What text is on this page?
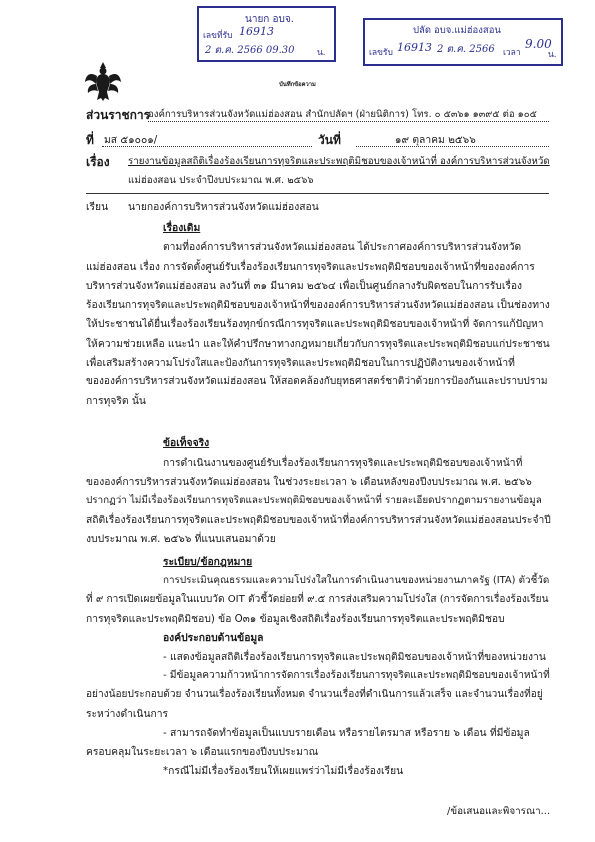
นายก อบจ.
เลขที่รับ 16913
2 ต.ค. 2566 09.30	น.
ปลัด อบจ.แม่ฮ่องสอน
เลขรับ 16913 2 ต.ค. 2566 เวลา
9.00
น.
บันทึกข้อความ
ส่วนราชการ
องค์การบริหารส่วนจังหวัดแม่ฮ่องสอน สำนักปลัดฯ (ฝ่ายนิติการ) โทร. ๐ ๕๓๖๑ ๑๓๙๕ ต่อ ๑๐๕
ที่ มส ๕๑๐๐๑/	วันที่	๑๙ ตุลาคม ๒๕๖๖
เรื่อง รายงานข้อมูลสถิติเรื่องร้องเรียนการทุจริตและประพฤติมิชอบของเจ้าหน้าที่ องค์การบริหารส่วนจังหวัด
แม่ฮ่องสอน ประจำปีงบประมาณ พ.ศ. ๒๕๖๖
เรียน นายกองค์การบริหารส่วนจังหวัดแม่ฮ่องสอน
เรื่องเดิม
ตามที่องค์การบริหารส่วนจังหวัดแม่ฮ่องสอน ได้ประกาศองค์การบริหารส่วนจังหวัด
แม่ฮ่องสอน เรื่อง การจัดตั้งศูนย์รับเรื่องร้องเรียนการทุจริตและประพฤติมิชอบของเจ้าหน้าที่ขององค์การ
บริหารส่วนจังหวัดแม่ฮ่องสอน ลงวันที่ ๓๑ มีนาคม ๒๕๖๔ เพื่อเป็นศูนย์กลางรับผิดชอบในการรับเรื่อง
ร้องเรียนการทุจริตและประพฤติมิชอบของเจ้าหน้าที่ขององค์การบริหารส่วนจังหวัดแม่ฮ่องสอน เป็นช่องทาง
ให้ประชาชนได้ยื่นเรื่องร้องเรียนร้องทุกข์กรณีการทุจริตและประพฤติมิชอบของเจ้าหน้าที่ จัดการแก้ปัญหา
ให้ความช่วยเหลือ แนะนำ และให้คำปรึกษาทางกฎหมายเกี่ยวกับการทุจริตและประพฤติมิชอบแก่ประชาชน
เพื่อเสริมสร้างความโปร่งใสและป้องกันการทุจริตและประพฤติมิชอบในการปฏิบัติงานของเจ้าหน้าที่
ขององค์การบริหารส่วนจังหวัดแม่ฮ่องสอน ให้สอดคล้องกับยุทธศาสตร์ชาติว่าด้วยการป้องกันและปราบปราม
การทุจริต นั้น
ข้อเท็จจริง
การดำเนินงานของศูนย์รับเรื่องร้องเรียนการทุจริตและประพฤติมิชอบของเจ้าหน้าที่
ขององค์การบริหารส่วนจังหวัดแม่ฮ่องสอน ในช่วงระยะเวลา ๖ เดือนหลังของปีงบประมาณ พ.ศ. ๒๕๖๖
ปรากฏว่า ไม่มีเรื่องร้องเรียนการทุจริตและประพฤติมิชอบของเจ้าหน้าที่ รายละเอียดปรากฏตามรายงานข้อมูล
สถิติเรื่องร้องเรียนการทุจริตและประพฤติมิชอบของเจ้าหน้าที่องค์การบริหารส่วนจังหวัดแม่ฮ่องสอนประจำปี
งบประมาณ พ.ศ. ๒๕๖๖ ที่แนบเสนอมาด้วย
ระเบียบ/ข้อกฎหมาย
การประเมินคุณธรรมและความโปร่งใสในการดำเนินงานของหน่วยงานภาครัฐ (ITA) ตัวชี้วัด
ที่ ๙ การเปิดเผยข้อมูลในแบบวัด OIT ตัวชี้วัดย่อยที่ ๙.๕ การส่งเสริมความโปร่งใส (การจัดการเรื่องร้องเรียน
การทุจริตและประพฤติมิชอบ) ข้อ O๓๑ ข้อมูลเชิงสถิติเรื่องร้องเรียนการทุจริตและประพฤติมิชอบ
องค์ประกอบด้านข้อมูล
- แสดงข้อมูลสถิติเรื่องร้องเรียนการทุจริตและประพฤติมิชอบของเจ้าหน้าที่ของหน่วยงาน
- มีข้อมูลความก้าวหน้าการจัดการเรื่องร้องเรียนการทุจริตและประพฤติมิชอบของเจ้าหน้าที่
อย่างน้อยประกอบด้วย จำนวนเรื่องร้องเรียนทั้งหมด จำนวนเรื่องที่ดำเนินการแล้วเสร็จ และจำนวนเรื่องที่อยู่
ระหว่างดำเนินการ
- สามารถจัดทำข้อมูลเป็นแบบรายเดือน หรือรายไตรมาส หรือราย ๖ เดือน ที่มีข้อมูล
ครอบคลุมในระยะเวลา ๖ เดือนแรกของปีงบประมาณ
*กรณีไม่มีเรื่องร้องเรียนให้เผยแพร่ว่าไม่มีเรื่องร้องเรียน
/ข้อเสนอและพิจารณา...
